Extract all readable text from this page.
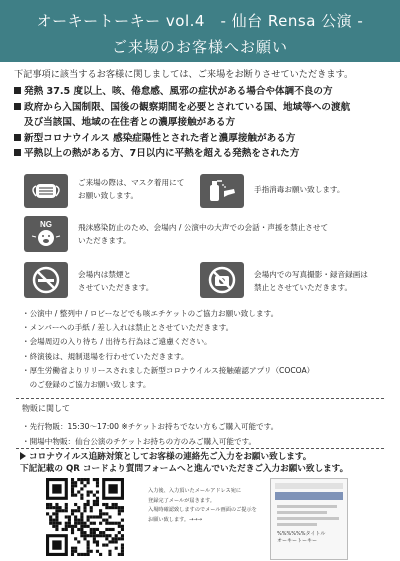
オーキートーキー vol.4　- 仙台 Rensa 公演 -
ご来場のお客様へお願い
下記事項に該当するお客様に関しましては、ご来場をお断りさせていただきます。
発熱 37.5 度以上、咳、倦怠感、風邪の症状がある場合や体調不良の方
政府から入国制限、国後の観察期間を必要とされている国、地域等への渡航
及び当該国、地域の在住者との濃厚接触がある方
新型コロナウイルス 感染症陽性とされた者と濃厚接触がある方
平熱以上の熱がある方、7日以内に平熱を超える発熱をされた方
ご来場の際は、マスク着用にて
お願い致します。
手指消毒お願い致します。
NG	飛沫感染防止のため、会場内 / 公演中の大声での会話・声援を禁止させて
いただきます。
会場内は禁煙と
させていただきます。
会場内での写真撮影・録音録画は
禁止とさせていただきます。
・公演中 / 整列中 / ロビーなどでも咳エチケットのご協力お願い致します。
・メンバーへの手紙 / 差し入れは禁止とさせていただきます。
・会場周辺の入り待ち / 出待ち行為はご遠慮ください。
・終演後は、規制退場を行わせていただきます。
・厚生労働省よりリリースされました新型コロナウイルス接触確認アプリ（COCOA）
　のご登録のご協力お願い致します。
物販に関して
・先行物販：15:30〜17:00 ※チケットお持ちでない方もご購入可能です。
・開場中物販：仙台公演のチケットお持ちの方のみご購入可能です。
コロナウイルス追跡対策としてお客様の連絡先ご入力をお願い致します。
下記記載の QR コードより質問フォームへと進んでいただきご入力お願い致します。
入力後、入力頂いたメールアドレス宛に
登録完了メールが届きます。
入場時確認致しますのでメール画面のご提示を
お願い致します。→→→
%%%%%%タイトル
オーキートーキー
